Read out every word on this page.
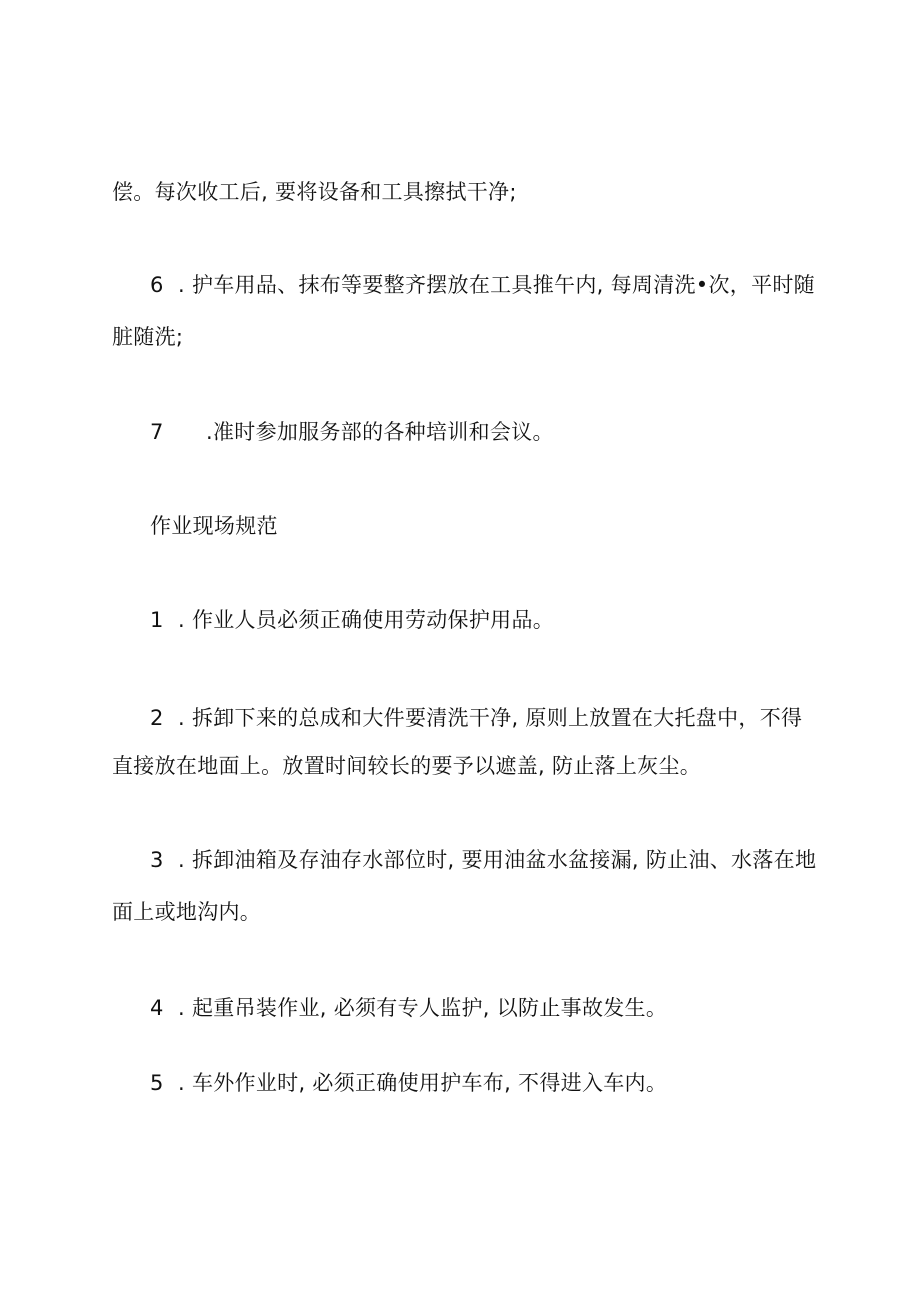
偿。每次收工后, 要将设备和工具擦拭干净;
6 . 护车用品、抹布等要整齐摆放在工具推午内, 每周清洗•次，平时随
脏随洗;
7 .准时参加服务部的各种培训和会议。
作业现场规范
1 . 作业人员必须正确使用劳动保护用品。
2 . 拆卸下来的总成和大件要清洗干净, 原则上放置在大托盘中，不得
直接放在地面上。放置时间较长的要予以遮盖, 防止落上灰尘。
3 . 拆卸油箱及存油存水部位时, 要用油盆水盆接漏, 防止油、水落在地
面上或地沟内。
4 . 起重吊装作业, 必须有专人监护, 以防止事故发生。
5 . 车外作业时, 必须正确使用护车布, 不得进入车内。
